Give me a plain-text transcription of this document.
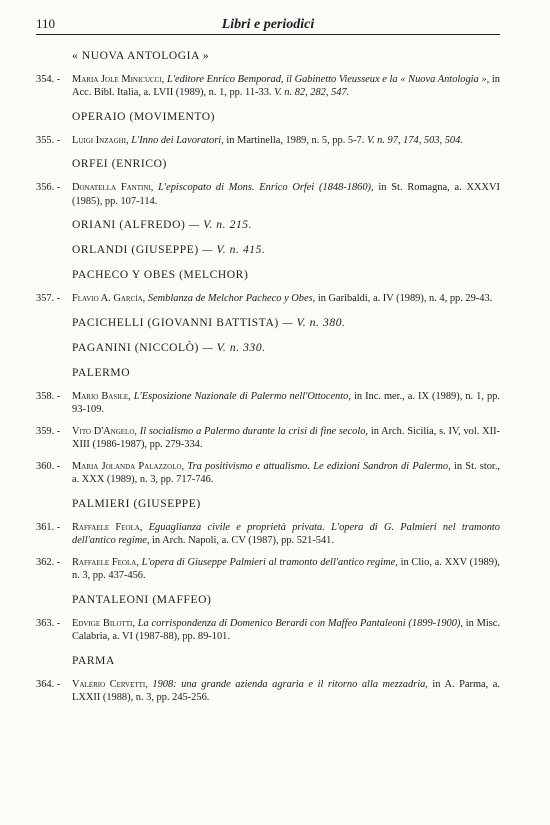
110	Libri e periodici
« NUOVA ANTOLOGIA »
354. -	Maria Jole Minicucci, L'editore Enrico Bemporad, il Gabinetto Vieusseux e la « Nuova Antologia », in Acc. Bibl. Italia, a. LVII (1989), n. 1, pp. 11-33. V. n. 82, 282, 547.
OPERAIO (MOVIMENTO)
355. -	Luigi Inzaghi, L'Inno dei Lavoratori, in Martinella, 1989, n. 5, pp. 5-7. V. n. 97, 174, 503, 504.
ORFEI (ENRICO)
356. -	Donatella Fantini, L'episcopato di Mons. Enrico Orfei (1848-1860), in St. Romagna, a. XXXVI (1985), pp. 107-114.
ORIANI (ALFREDO) — V. n. 215.
ORLANDI (GIUSEPPE) — V. n. 415.
PACHECO Y OBES (MELCHOR)
357. -	Flavio A. García, Semblanza de Melchor Pacheco y Obes, in Garibaldi, a. IV (1989), n. 4, pp. 29-43.
PACICHELLI (GIOVANNI BATTISTA) — V. n. 380.
PAGANINI (NICCOLÒ) — V. n. 330.
PALERMO
358. -	Mario Basile, L'Esposizione Nazionale di Palermo nell'Ottocento, in Inc. mer., a. IX (1989), n. 1, pp. 93-109.
359. -	Vito D'Angelo, Il socialismo a Palermo durante la crisi di fine secolo, in Arch. Sicilia, s. IV, vol. XII-XIII (1986-1987), pp. 279-334.
360. -	Maria Jolanda Palazzolo, Tra positivismo e attualismo. Le edizioni Sandron di Palermo, in St. stor., a. XXX (1989), n. 3, pp. 717-746.
PALMIERI (GIUSEPPE)
361. -	Raffaele Feola, Eguaglianza civile e proprietà privata. L'opera di G. Palmieri nel tramonto dell'antico regime, in Arch. Napoli, a. CV (1987), pp. 521-541.
362. -	Raffaele Feola, L'opera di Giuseppe Palmieri al tramonto dell'antico regime, in Clio, a. XXV (1989), n. 3, pp. 437-456.
PANTALEONI (MAFFEO)
363. -	Edvige Bilotti, La corrispondenza di Domenico Berardi con Maffeo Pantaleoni (1899-1900), in Misc. Calabria, a. VI (1987-88), pp. 89-101.
PARMA
364. -	Valerio Cervetti, 1908: una grande azienda agraria e il ritorno alla mezzadria, in A. Parma, a. LXXII (1988), n. 3, pp. 245-256.
